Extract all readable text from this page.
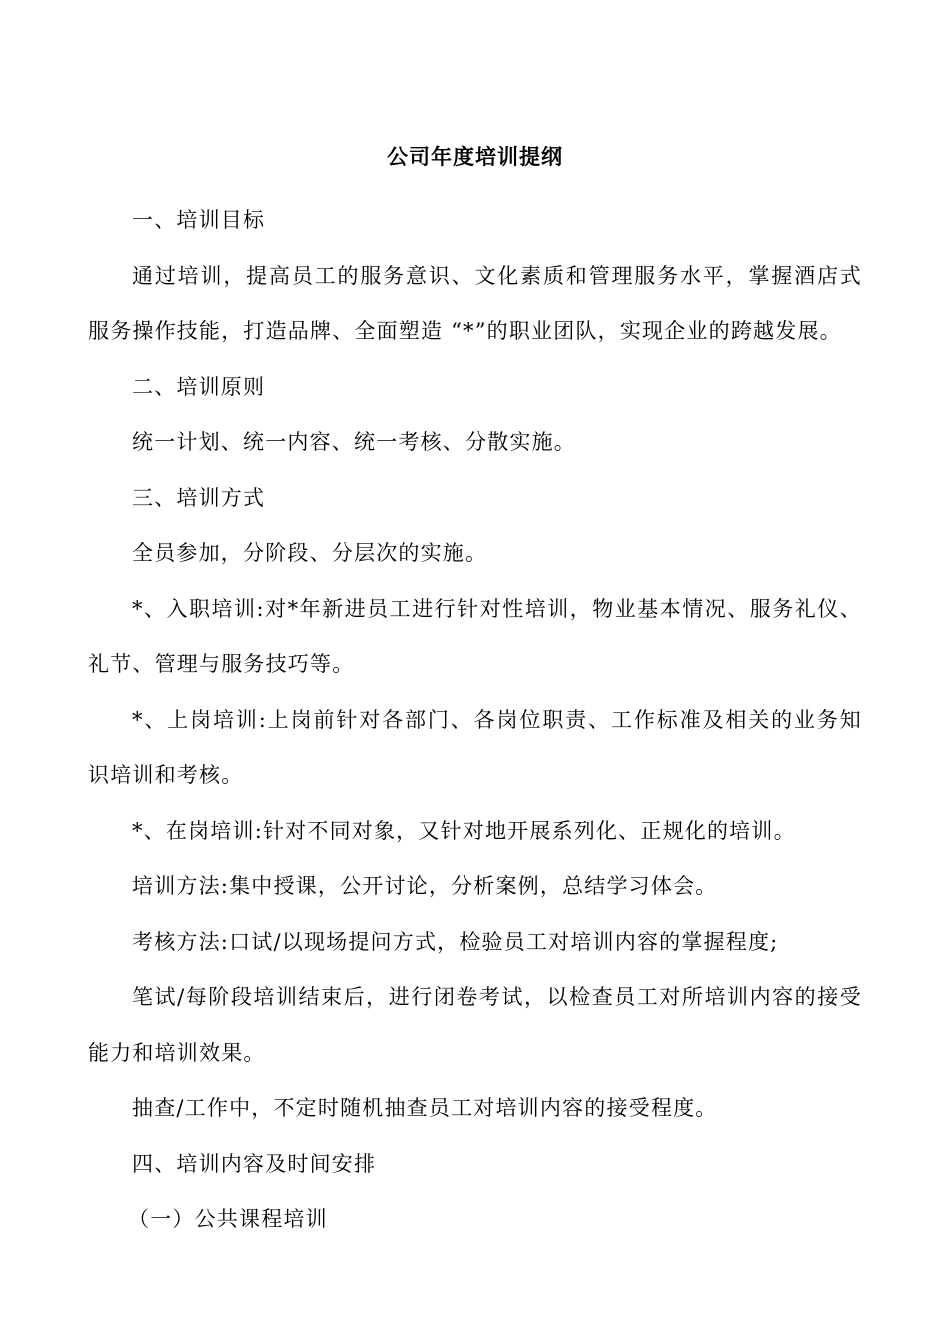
公司年度培训提纲

一、培训目标

通过培训，提高员工的服务意识、文化素质和管理服务水平，掌握酒店式服务操作技能，打造品牌、全面塑造 “*”的职业团队，实现企业的跨越发展。

二、培训原则

统一计划、统一内容、统一考核、分散实施。

三、培训方式

全员参加，分阶段、分层次的实施。

*、入职培训:对*年新进员工进行针对性培训，物业基本情况、服务礼仪、礼节、管理与服务技巧等。

*、上岗培训:上岗前针对各部门、各岗位职责、工作标准及相关的业务知识培训和考核。

*、在岗培训:针对不同对象，又针对地开展系列化、正规化的培训。

培训方法:集中授课，公开讨论，分析案例，总结学习体会。

考核方法:口试/以现场提问方式，检验员工对培训内容的掌握程度;

笔试/每阶段培训结束后，进行闭卷考试，以检查员工对所培训内容的接受能力和培训效果。

抽查/工作中，不定时随机抽查员工对培训内容的接受程度。

四、培训内容及时间安排

（一）公共课程培训
